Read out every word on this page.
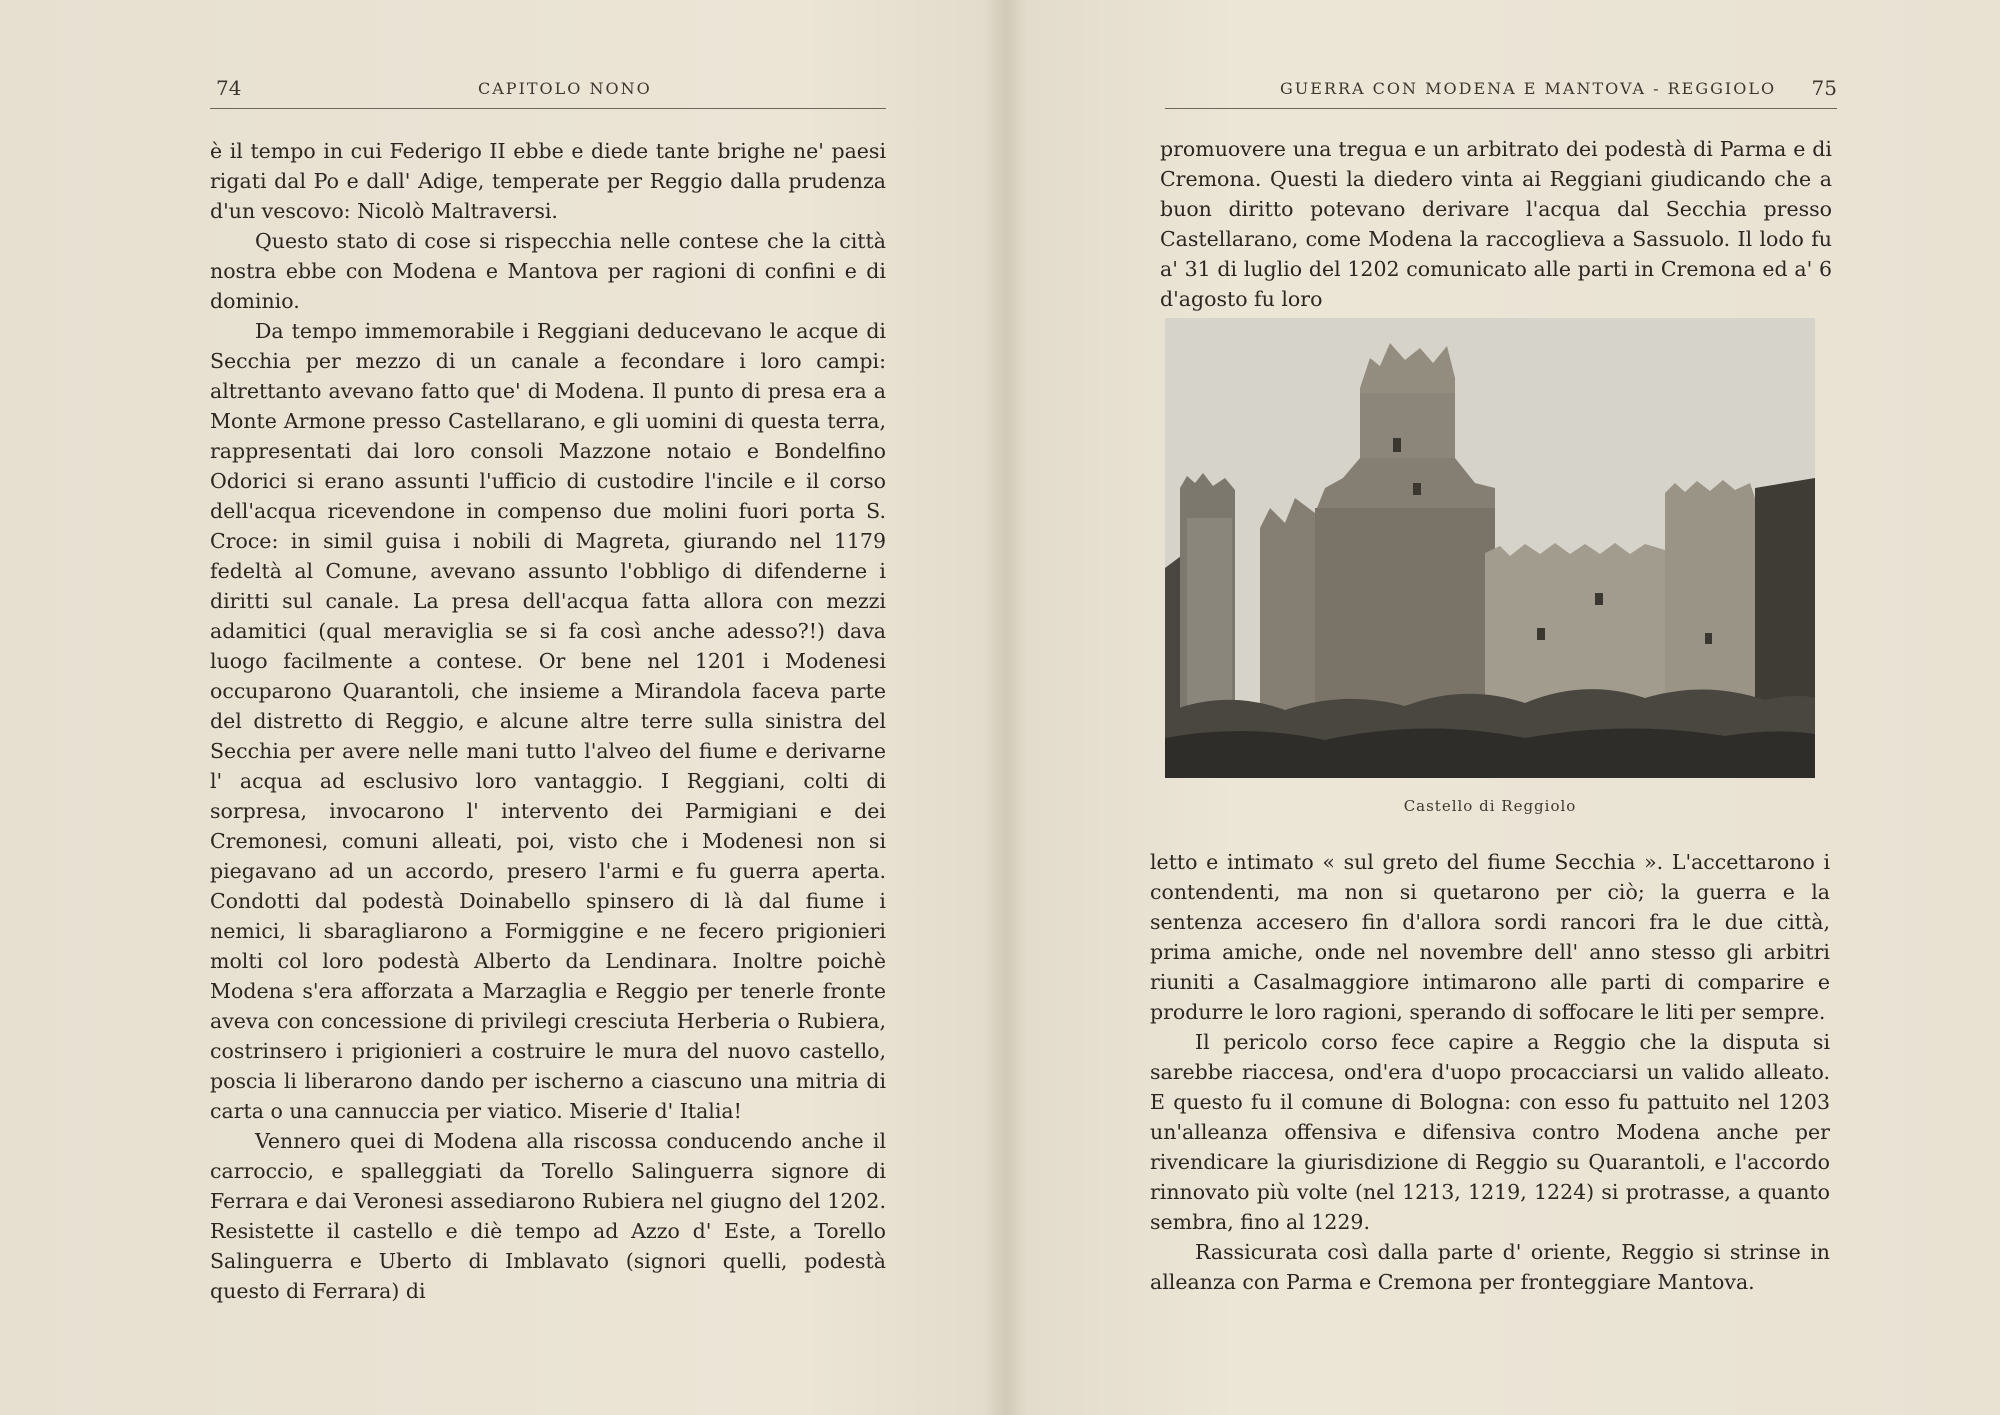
74	CAPITOLO NONO

è il tempo in cui Federigo II ebbe e diede tante brighe ne' paesi rigati dal Po e dall' Adige, temperate per Reggio dalla prudenza d'un vescovo: Nicolò Maltraversi.

Questo stato di cose si rispecchia nelle contese che la città nostra ebbe con Modena e Mantova per ragioni di confini e di dominio.

Da tempo immemorabile i Reggiani deducevano le acque di Secchia per mezzo di un canale a fecondare i loro campi: altrettanto avevano fatto que' di Modena. Il punto di presa era a Monte Armone presso Castellarano, e gli uomini di questa terra, rappresentati dai loro consoli Mazzone notaio e Bondelfino Odorici si erano assunti l'ufficio di custodire l'incile e il corso dell'acqua ricevendone in compenso due molini fuori porta S. Croce: in simil guisa i nobili di Magreta, giurando nel 1179 fedeltà al Comune, avevano assunto l'obbligo di difenderne i diritti sul canale. La presa dell'acqua fatta allora con mezzi adamitici (qual meraviglia se si fa così anche adesso?!) dava luogo facilmente a contese. Or bene nel 1201 i Modenesi occuparono Quarantoli, che insieme a Mirandola faceva parte del distretto di Reggio, e alcune altre terre sulla sinistra del Secchia per avere nelle mani tutto l'alveo del fiume e derivarne l' acqua ad esclusivo loro vantaggio. I Reggiani, colti di sorpresa, invocarono l' intervento dei Parmigiani e dei Cremonesi, comuni alleati, poi, visto che i Modenesi non si piegavano ad un accordo, presero l'armi e fu guerra aperta. Condotti dal podestà Doinabello spinsero di là dal fiume i nemici, li sbaragliarono a Formiggine e ne fecero prigionieri molti col loro podestà Alberto da Lendinara. Inoltre poichè Modena s'era afforzata a Marzaglia e Reggio per tenerle fronte aveva con concessione di privilegi cresciuta Herberia o Rubiera, costrinsero i prigionieri a costruire le mura del nuovo castello, poscia li liberarono dando per ischerno a ciascuno una mitria di carta o una cannuccia per viatico. Miserie d' Italia!

Vennero quei di Modena alla riscossa conducendo anche il carroccio, e spalleggiati da Torello Salinguerra signore di Ferrara e dai Veronesi assediarono Rubiera nel giugno del 1202. Resistette il castello e diè tempo ad Azzo d' Este, a Torello Salinguerra e Uberto di Imblavato (signori quelli, podestà questo di Ferrara) di

GUERRA CON MODENA E MANTOVA - REGGIOLO 75

promuovere una tregua e un arbitrato dei podestà di Parma e di Cremona. Questi la diedero vinta ai Reggiani giudicando che a buon diritto potevano derivare l'acqua dal Secchia presso Castellarano, come Modena la raccoglieva a Sassuolo. Il lodo fu a' 31 di luglio del 1202 comunicato alle parti in Cremona ed a' 6 d'agosto fu loro

Castello di Reggiolo

letto e intimato « sul greto del fiume Secchia ». L'accettarono i contendenti, ma non si quetarono per ciò; la guerra e la sentenza accesero fin d'allora sordi rancori fra le due città, prima amiche, onde nel novembre dell' anno stesso gli arbitri riuniti a Casalmaggiore intimarono alle parti di comparire e produrre le loro ragioni, sperando di soffocare le liti per sempre.

Il pericolo corso fece capire a Reggio che la disputa si sarebbe riaccesa, ond'era d'uopo procacciarsi un valido alleato. E questo fu il comune di Bologna: con esso fu pattuito nel 1203 un'alleanza offensiva e difensiva contro Modena anche per rivendicare la giurisdizione di Reggio su Quarantoli, e l'accordo rinnovato più volte (nel 1213, 1219, 1224) si protrasse, a quanto sembra, fino al 1229.

Rassicurata così dalla parte d' oriente, Reggio si strinse in alleanza con Parma e Cremona per fronteggiare Mantova.
